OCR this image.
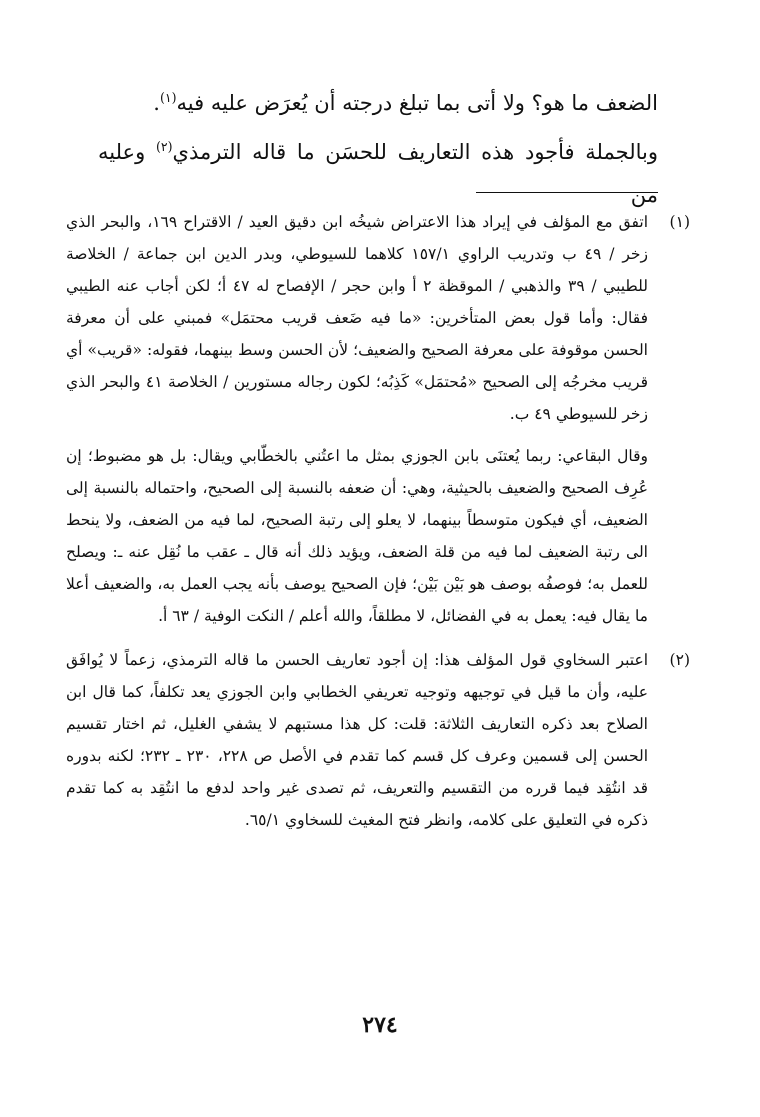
الضعف ما هو؟ ولا أتى بما تبلغ درجته أن يُعرَض عليه فيه$^{(١)}$.

وبالجملة فأجود هذه التعاريف للحسَن ما قاله الترمذي$^{(٢)}$ وعليه من

(١)

اتفق مع المؤلف في إيراد هذا الاعتراض شيخُه ابن دقيق العيد / الاقتراح ١٦٩، والبحر الذي زخر / ٤٩ ب وتدريب الراوي ١٥٧/١ كلاهما للسيوطي، وبدر الدين ابن جماعة / الخلاصة للطيبي / ٣٩ والذهبي / الموقظة ٢ أ وابن حجر / الإفصاح له ٤٧ أ؛ لكن أجاب عنه الطيبي فقال: وأما قول بعض المتأخرين: «ما فيه ضَعف قريب محتمَل» فمبني على أن معرفة الحسن موقوفة على معرفة الصحيح والضعيف؛ لأن الحسن وسط بينهما، فقوله: «قريب» أي قريب مخرجُه إلى الصحيح «مُحتمَل» كَذِبُه؛ لكون رجاله مستورين / الخلاصة ٤١ والبحر الذي زخر للسيوطي ٤٩ ب.

وقال البقاعي: ربما يُعتنَى بابن الجوزي بمثل ما اعتُني بالخطّابي ويقال: بل هو مضبوط؛ إن عُرِف الصحيح والضعيف بالحيثية، وهي: أن ضعفه بالنسبة إلى الصحيح، واحتماله بالنسبة إلى الضعيف، أي فيكون متوسطاً بينهما، لا يعلو إلى رتبة الصحيح، لما فيه من الضعف، ولا ينحط الى رتبة الضعيف لما فيه من قلة الضعف، ويؤيد ذلك أنه قال ـ عقب ما نُقِل عنه ـ: ويصلح للعمل به؛ فوصفُه بوصف هو بَيْن بَيْن؛ فإن الصحيح يوصف بأنه يجب العمل به، والضعيف أعلا ما يقال فيه: يعمل به في الفضائل، لا مطلقاً، والله أعلم / النكت الوفية / ٦٣ أ.

(٢)

اعتبر السخاوي قول المؤلف هذا: إن أجود تعاريف الحسن ما قاله الترمذي، زعماً لا يُوافَق عليه، وأن ما قيل في توجيهه وتوجيه تعريفي الخطابي وابن الجوزي يعد تكلفاً، كما قال ابن الصلاح بعد ذكره التعاريف الثلاثة: قلت: كل هذا مستبهم لا يشفي الغليل، ثم اختار تقسيم الحسن إلى قسمين وعرف كل قسم كما تقدم في الأصل ص ٢٢٨، ٢٣٠ ـ ٢٣٢؛ لكنه بدوره قد انتُقِد فيما قرره من التقسيم والتعريف، ثم تصدى غير واحد لدفع ما انتُقِد به كما تقدم ذكره في التعليق على كلامه، وانظر فتح المغيث للسخاوي ٦٥/١.

٢٧٤
